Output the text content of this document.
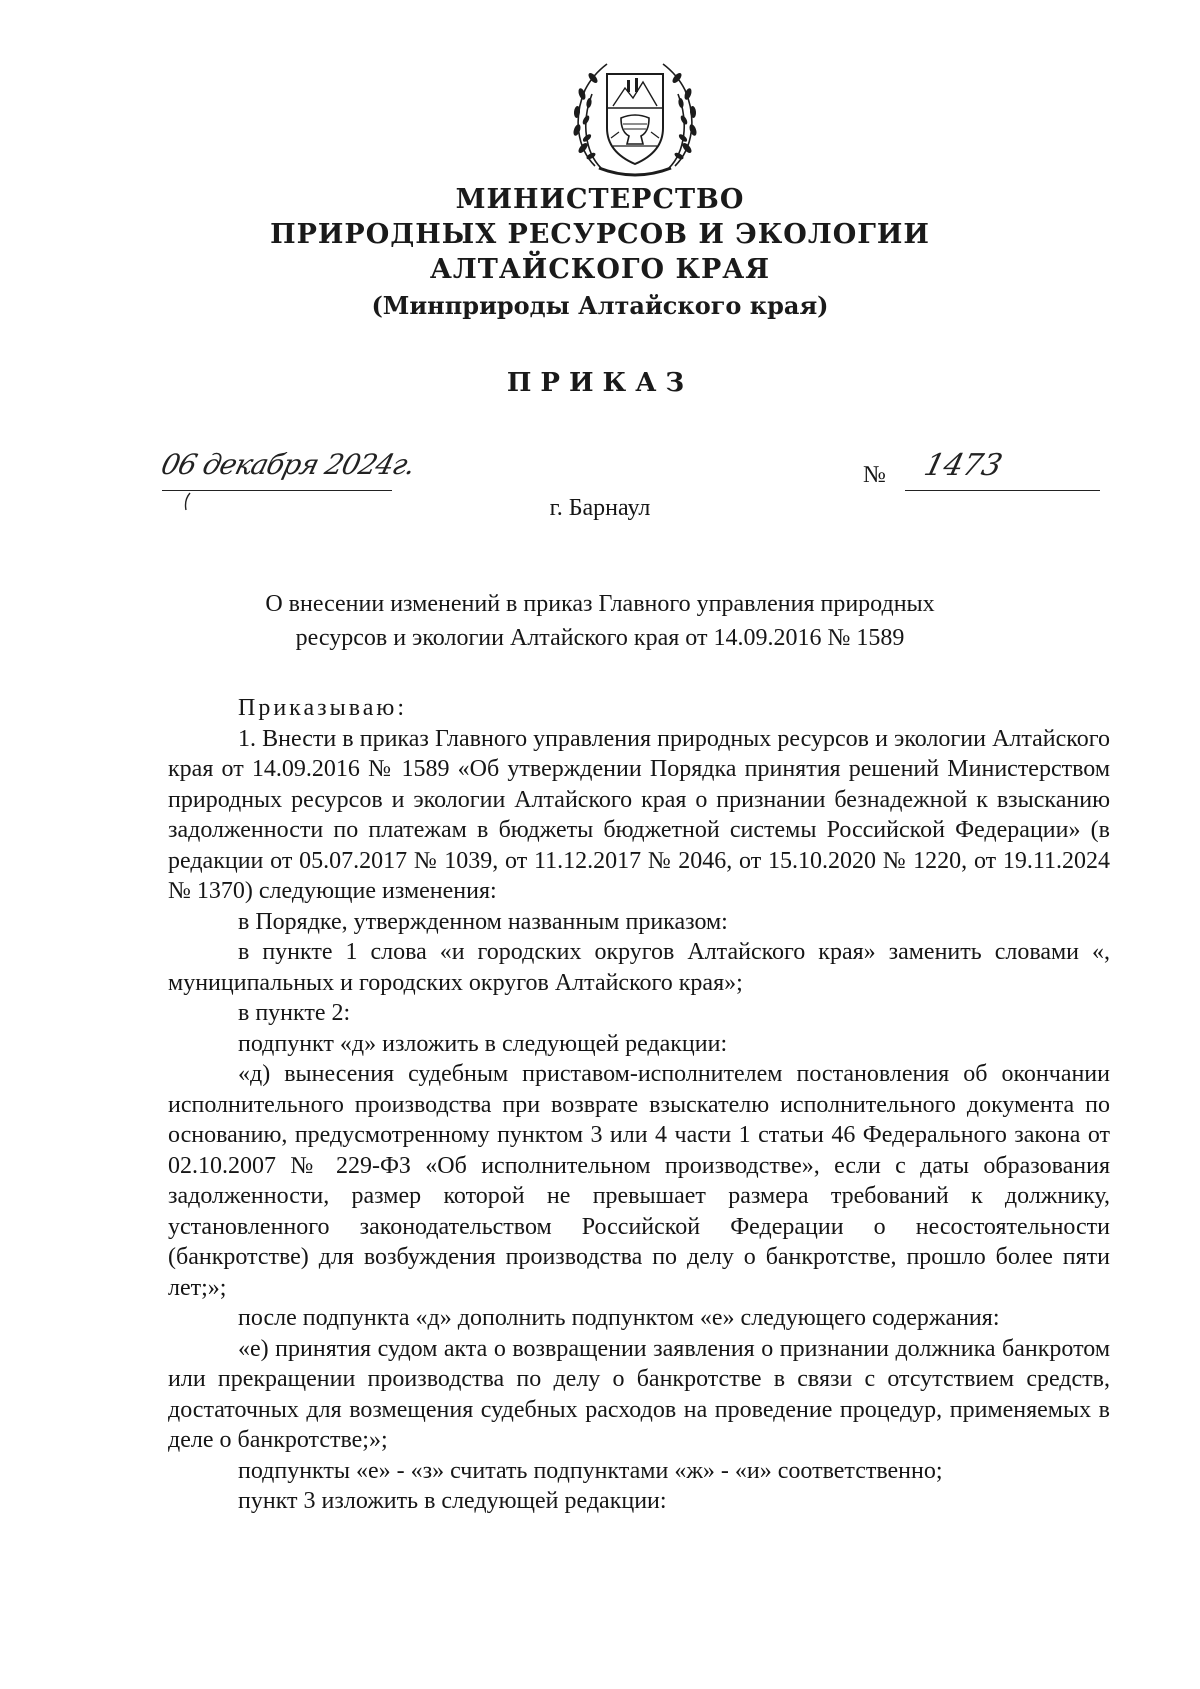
МИНИСТЕРСТВО
ПРИРОДНЫХ РЕСУРСОВ И ЭКОЛОГИИ
АЛТАЙСКОГО КРАЯ
(Минприроды Алтайского края)
ПРИКАЗ
06 декабря 2024г.	№ 1473
г. Барнаул
О внесении изменений в приказ Главного управления природных
ресурсов и экологии Алтайского края от 14.09.2016 № 1589

Приказываю:

1. Внести в приказ Главного управления природных ресурсов и экологии Алтайского края от 14.09.2016 № 1589 «Об утверждении Порядка принятия решений Министерством природных ресурсов и экологии Алтайского края о признании безнадежной к взысканию задолженности по платежам в бюджеты бюджетной системы Российской Федерации» (в редакции от 05.07.2017 № 1039, от 11.12.2017 № 2046, от 15.10.2020 № 1220, от 19.11.2024 № 1370) следующие изменения:

в Порядке, утвержденном названным приказом:

в пункте 1 слова «и городских округов Алтайского края» заменить словами «, муниципальных и городских округов Алтайского края»;

в пункте 2:

подпункт «д» изложить в следующей редакции:

«д) вынесения судебным приставом-исполнителем постановления об окончании исполнительного производства при возврате взыскателю исполнительного документа по основанию, предусмотренному пунктом 3 или 4 части 1 статьи 46 Федерального закона от 02.10.2007 № 229-ФЗ «Об исполнительном производстве», если с даты образования задолженности, размер которой не превышает размера требований к должнику, установленного законодательством Российской Федерации о несостоятельности (банкротстве) для возбуждения производства по делу о банкротстве, прошло более пяти лет;»;

после подпункта «д» дополнить подпунктом «е» следующего содержания:

«е) принятия судом акта о возвращении заявления о признании должника банкротом или прекращении производства по делу о банкротстве в связи с отсутствием средств, достаточных для возмещения судебных расходов на проведение процедур, применяемых в деле о банкротстве;»;

подпункты «е» - «з» считать подпунктами «ж» - «и» соответственно;

пункт 3 изложить в следующей редакции:
